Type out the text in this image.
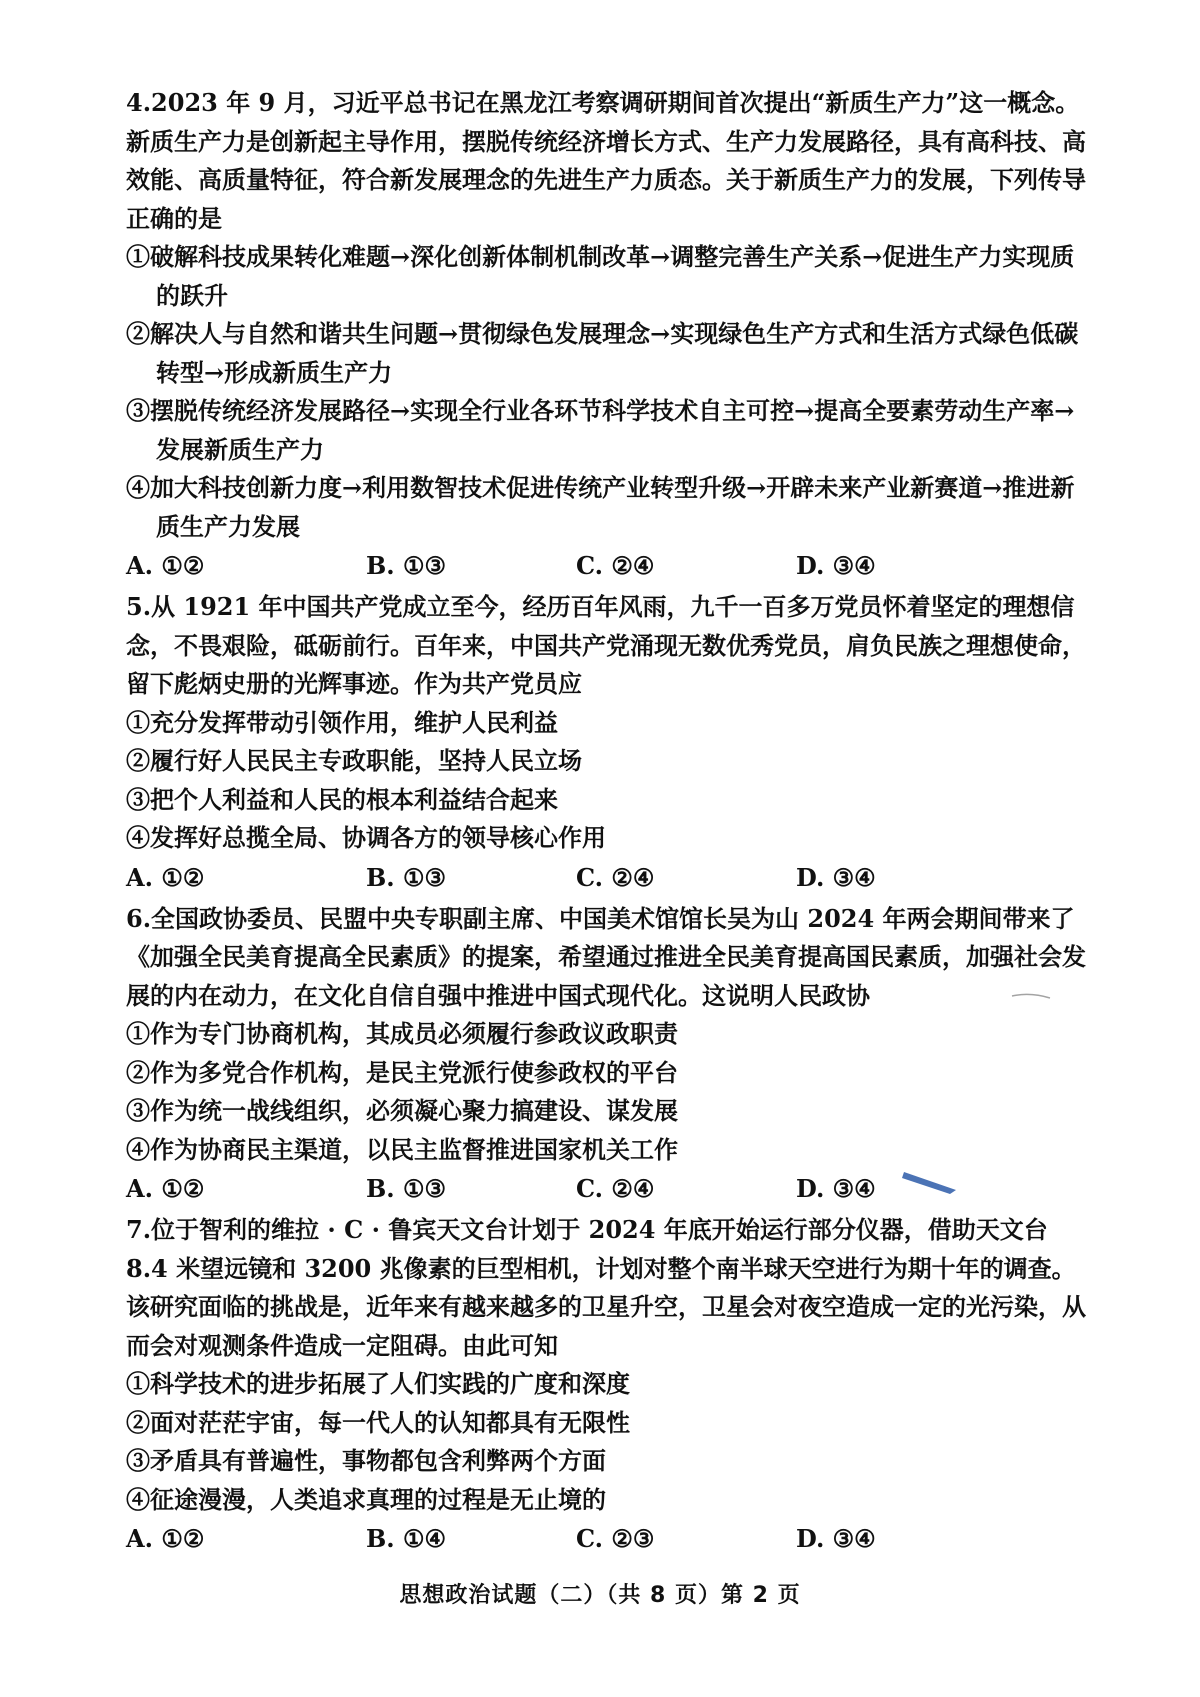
4.2023 年 9 月，习近平总书记在黑龙江考察调研期间首次提出“新质生产力”这一概念。新质生产力是创新起主导作用，摆脱传统经济增长方式、生产力发展路径，具有高科技、高效能、高质量特征，符合新发展理念的先进生产力质态。关于新质生产力的发展，下列传导正确的是

①破解科技成果转化难题→深化创新体制机制改革→调整完善生产关系→促进生产力实现质的跃升

②解决人与自然和谐共生问题→贯彻绿色发展理念→实现绿色生产方式和生活方式绿色低碳转型→形成新质生产力

③摆脱传统经济发展路径→实现全行业各环节科学技术自主可控→提高全要素劳动生产率→发展新质生产力

④加大科技创新力度→利用数智技术促进传统产业转型升级→开辟未来产业新赛道→推进新质生产力发展

A. ①②	B. ①③	C. ②④	D. ③④

5.从 1921 年中国共产党成立至今，经历百年风雨，九千一百多万党员怀着坚定的理想信念，不畏艰险，砥砺前行。百年来，中国共产党涌现无数优秀党员，肩负民族之理想使命，留下彪炳史册的光辉事迹。作为共产党员应

①充分发挥带动引领作用，维护人民利益

②履行好人民民主专政职能，坚持人民立场

③把个人利益和人民的根本利益结合起来

④发挥好总揽全局、协调各方的领导核心作用

A. ①②	B. ①③	C. ②④	D. ③④

6.全国政协委员、民盟中央专职副主席、中国美术馆馆长吴为山 2024 年两会期间带来了《加强全民美育提高全民素质》的提案，希望通过推进全民美育提高国民素质，加强社会发展的内在动力，在文化自信自强中推进中国式现代化。这说明人民政协

①作为专门协商机构，其成员必须履行参政议政职责

②作为多党合作机构，是民主党派行使参政权的平台

③作为统一战线组织，必须凝心聚力搞建设、谋发展

④作为协商民主渠道，以民主监督推进国家机关工作

A. ①②	B. ①③	C. ②④	D. ③④

7.位于智利的维拉 · C · 鲁宾天文台计划于 2024 年底开始运行部分仪器，借助天文台 8.4 米望远镜和 3200 兆像素的巨型相机，计划对整个南半球天空进行为期十年的调查。该研究面临的挑战是，近年来有越来越多的卫星升空，卫星会对夜空造成一定的光污染，从而会对观测条件造成一定阻碍。由此可知

①科学技术的进步拓展了人们实践的广度和深度

②面对茫茫宇宙，每一代人的认知都具有无限性

③矛盾具有普遍性，事物都包含利弊两个方面

④征途漫漫，人类追求真理的过程是无止境的

A. ①②	B. ①④	C. ②③	D. ③④
思想政治试题（二）（共 8 页）第 2 页
